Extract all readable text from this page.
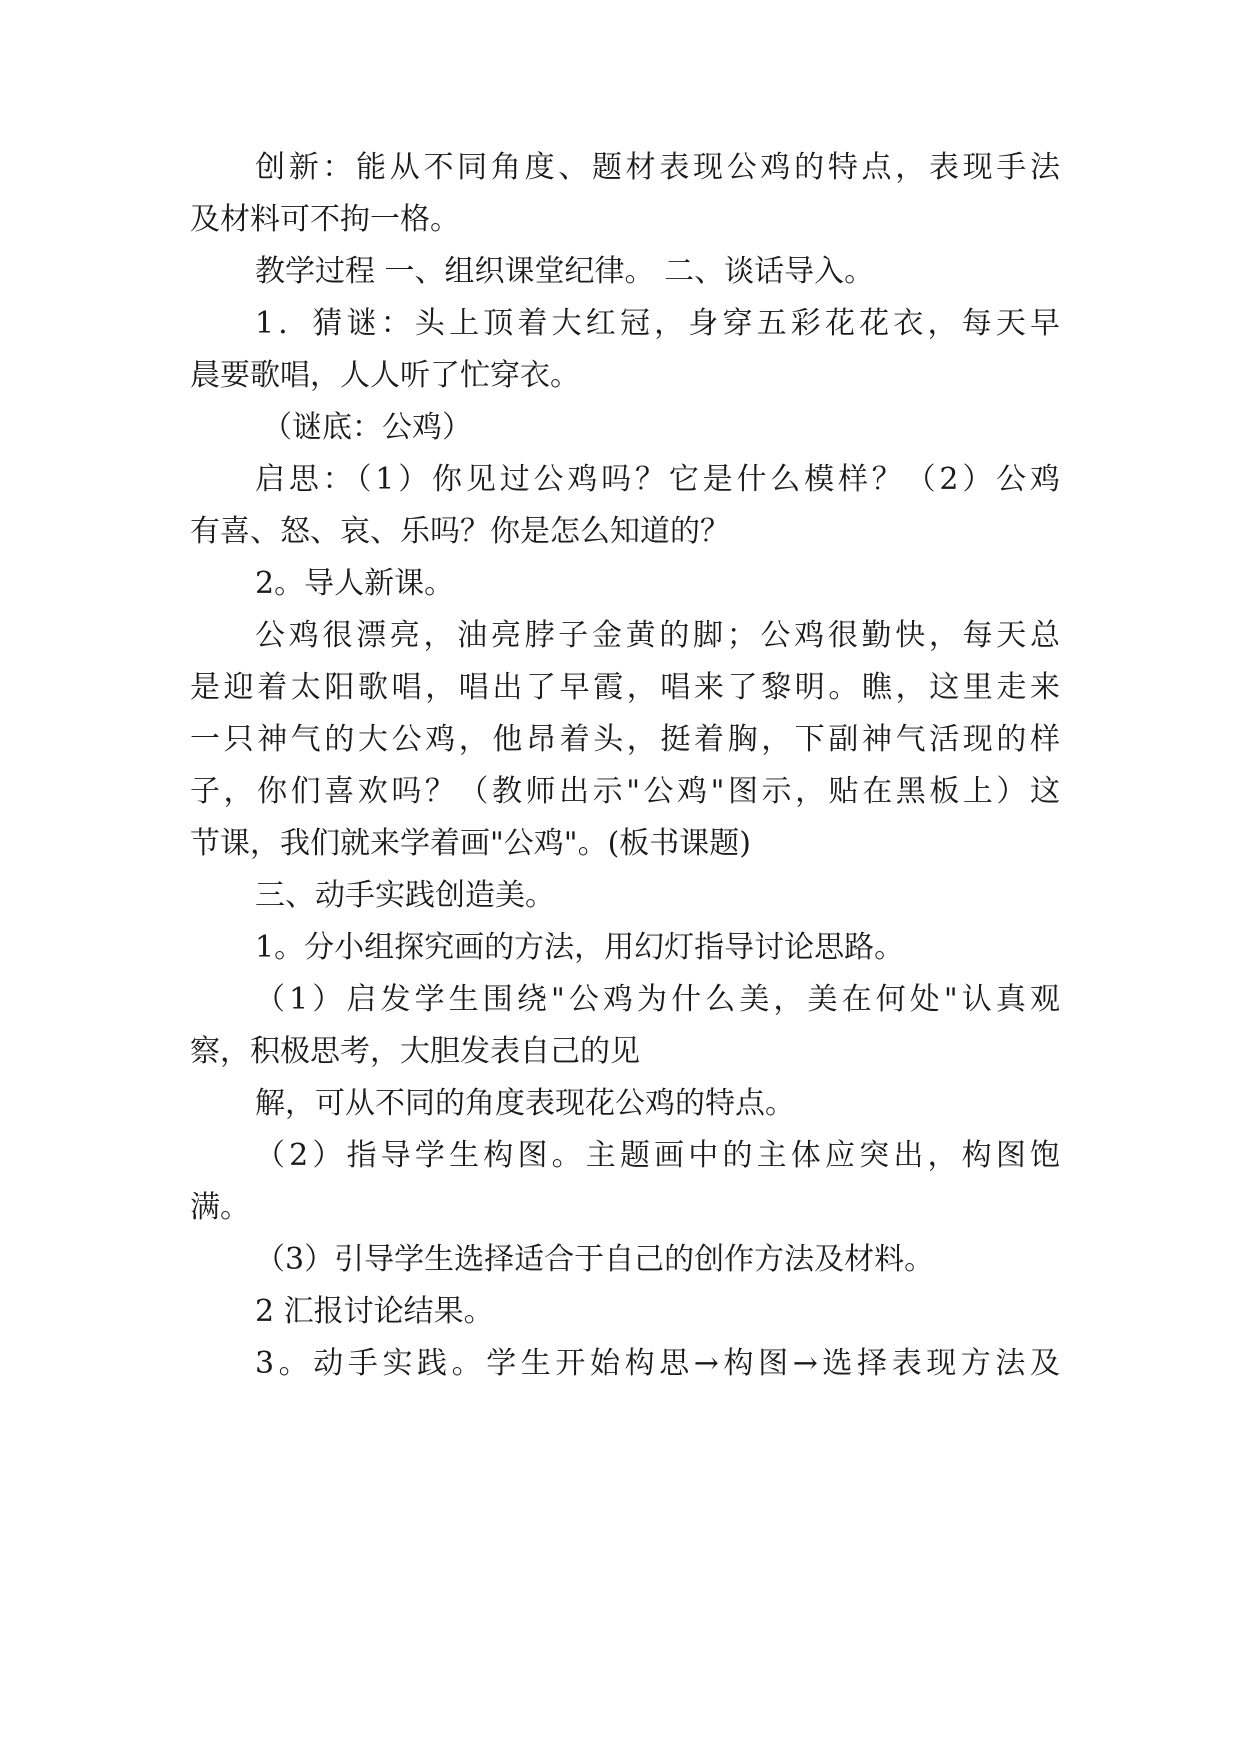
创新：能从不同角度、题材表现公鸡的特点，表现手法
及材料可不拘一格。
教学过程 一、组织课堂纪律。 二、谈话导入。
1．猜谜：头上顶着大红冠，身穿五彩花花衣，每天早
晨要歌唱，人人听了忙穿衣。
（谜底：公鸡）
启思：（1）你见过公鸡吗？它是什么模样？（2）公鸡
有喜、怒、哀、乐吗？你是怎么知道的？
2。导人新课。
公鸡很漂亮，油亮脖子金黄的脚；公鸡很勤快，每天总
是迎着太阳歌唱，唱出了早霞，唱来了黎明。瞧，这里走来
一只神气的大公鸡，他昂着头，挺着胸，下副神气活现的样
子，你们喜欢吗？（教师出示"公鸡"图示，贴在黑板上）这
节课，我们就来学着画"公鸡"。(板书课题)
三、动手实践创造美。
1。分小组探究画的方法，用幻灯指导讨论思路。
（1）启发学生围绕"公鸡为什么美，美在何处"认真观
察，积极思考，大胆发表自己的见
解，可从不同的角度表现花公鸡的特点。
（2）指导学生构图。主题画中的主体应突出，构图饱
满。
（3）引导学生选择适合于自己的创作方法及材料。
2 汇报讨论结果。
3。动手实践。学生开始构思→构图→选择表现方法及
